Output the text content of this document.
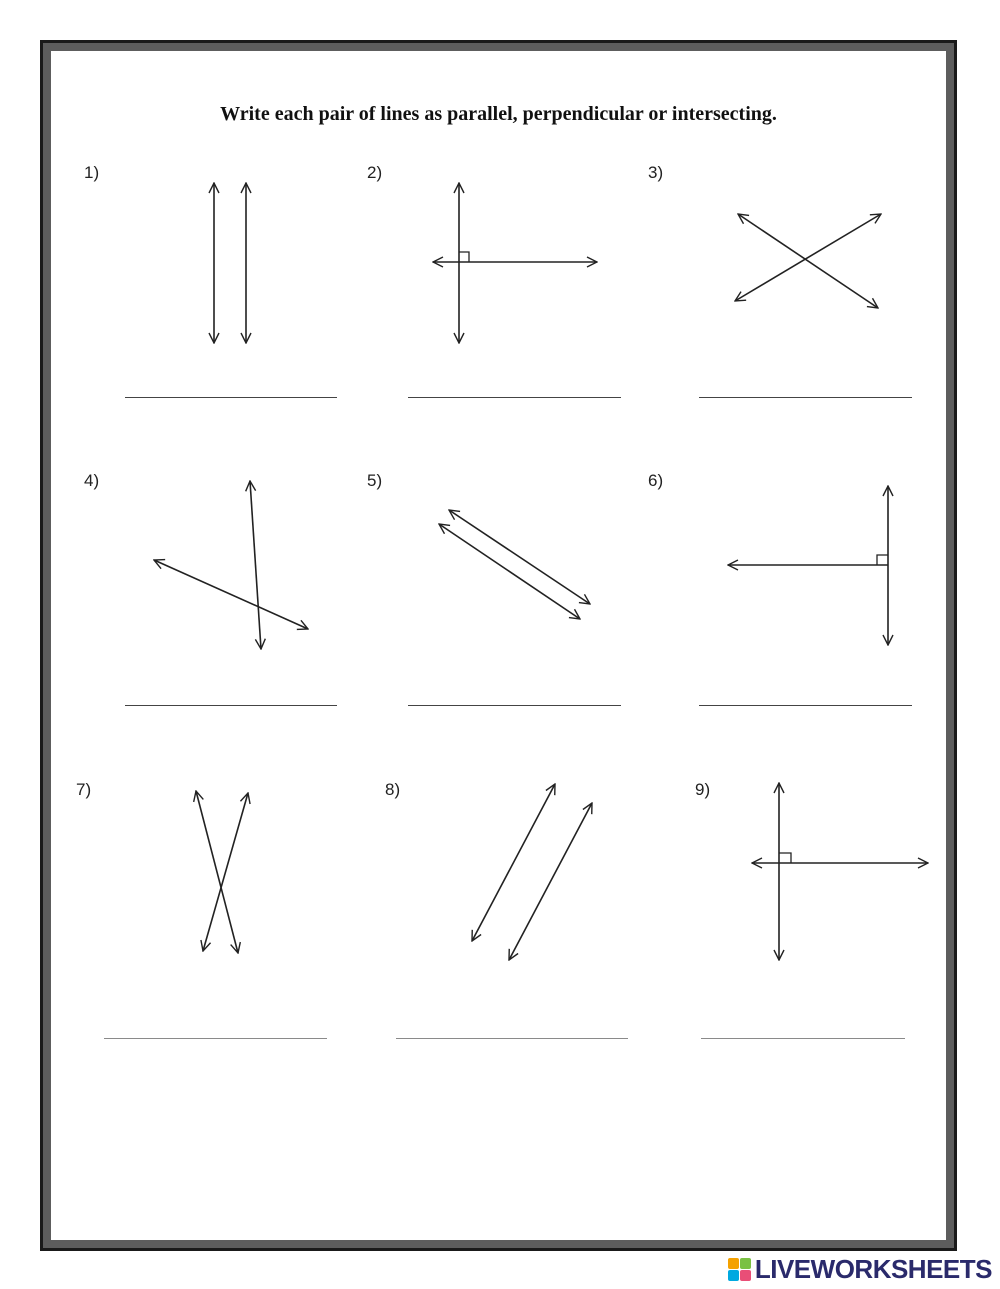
Write each pair of lines as parallel, perpendicular or intersecting.
1)	2)	3)
4)	5)	6)
7)	8)	9)
LIVEWORKSHEETS
